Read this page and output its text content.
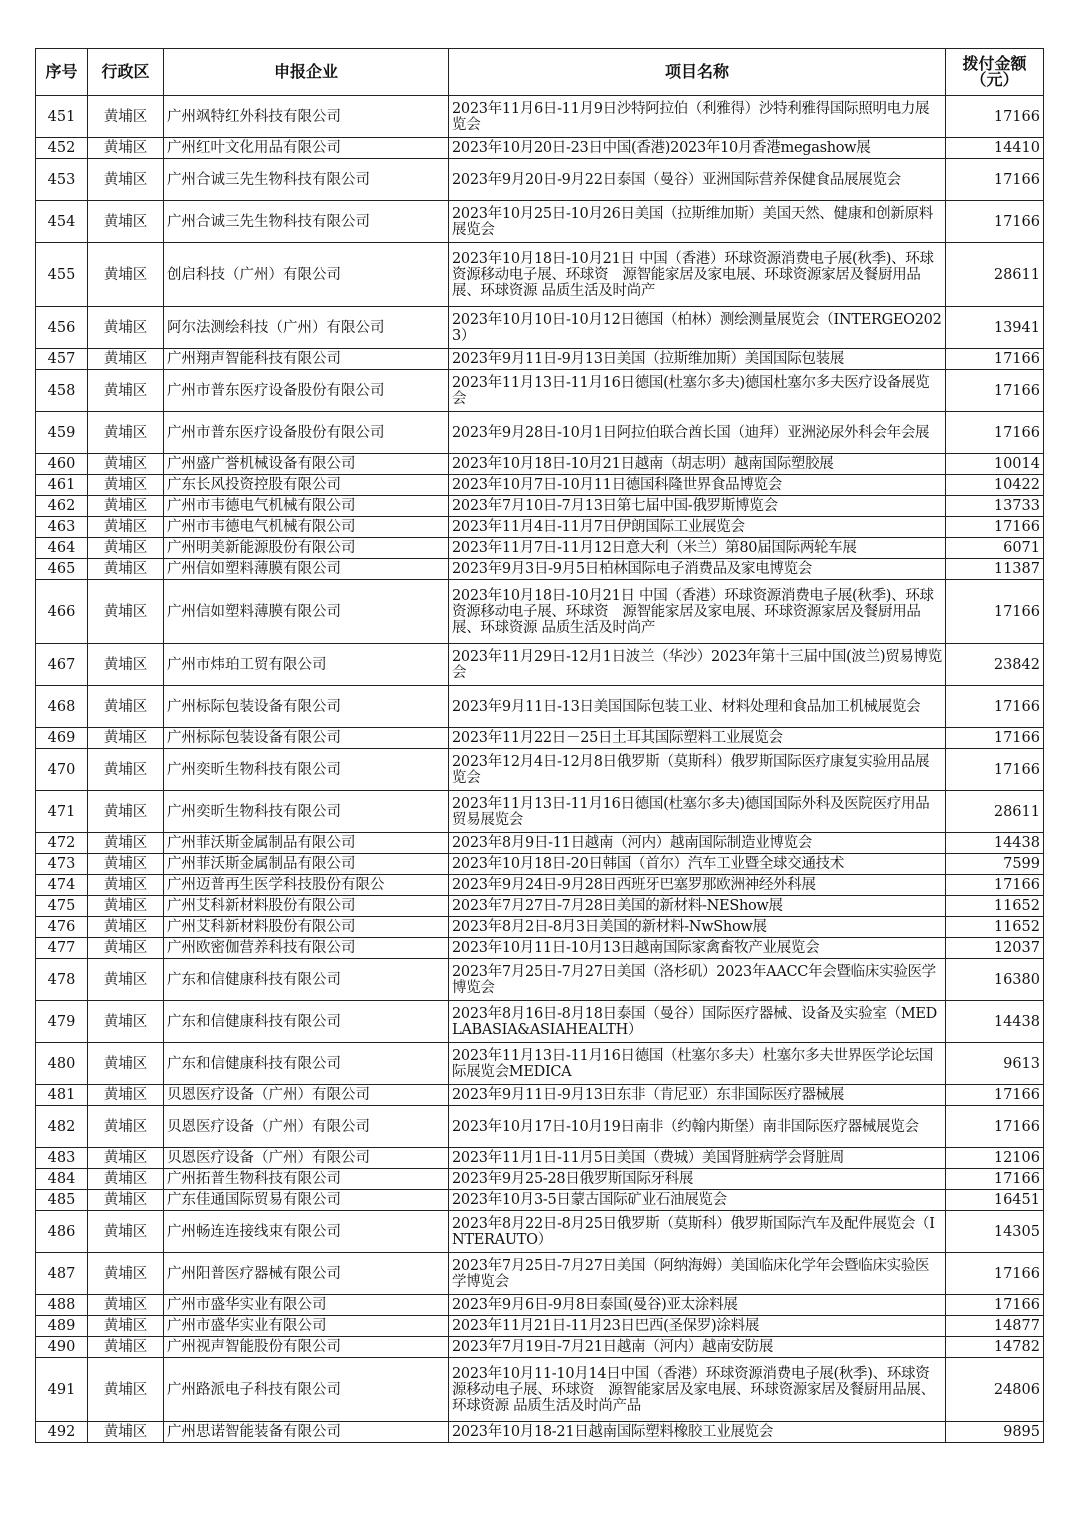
序号	行政区	申报企业	项目名称	拨付金额（元）
451	黄埔区	广州飒特红外科技有限公司	2023年11月6日-11月9日沙特阿拉伯（利雅得）沙特利雅得国际照明电力展览会	17166
452	黄埔区	广州红叶文化用品有限公司	2023年10月20日-23日中国(香港)2023年10月香港megashow展	14410
453	黄埔区	广州合诚三先生物科技有限公司	2023年9月20日-9月22日泰国（曼谷）亚洲国际营养保健食品展展览会	17166
454	黄埔区	广州合诚三先生物科技有限公司	2023年10月25日-10月26日美国（拉斯维加斯）美国天然、健康和创新原料展览会	17166
455	黄埔区	创启科技（广州）有限公司	2023年10月18日-10月21日 中国（香港）环球资源消费电子展(秋季)、环球资源移动电子展、环球资　源智能家居及家电展、环球资源家居及餐厨用品展、环球资源 品质生活及时尚产	28611
456	黄埔区	阿尔法测绘科技（广州）有限公司	2023年10月10日-10月12日德国（柏林）测绘测量展览会（INTERGEO2023）	13941
457	黄埔区	广州翔声智能科技有限公司	2023年9月11日-9月13日美国（拉斯维加斯）美国国际包装展	17166
458	黄埔区	广州市普东医疗设备股份有限公司	2023年11月13日-11月16日德国(杜塞尔多夫)德国杜塞尔多夫医疗设备展览会	17166
459	黄埔区	广州市普东医疗设备股份有限公司	2023年9月28日-10月1日阿拉伯联合酋长国（迪拜）亚洲泌尿外科会年会展	17166
460	黄埔区	广州盛广誉机械设备有限公司	2023年10月18日-10月21日越南（胡志明）越南国际塑胶展	10014
461	黄埔区	广东长风投资控股有限公司	2023年10月7日-10月11日德国科隆世界食品博览会	10422
462	黄埔区	广州市韦德电气机械有限公司	2023年7月10日-7月13日第七届中国-俄罗斯博览会	13733
463	黄埔区	广州市韦德电气机械有限公司	2023年11月4日-11月7日伊朗国际工业展览会	17166
464	黄埔区	广州明美新能源股份有限公司	2023年11月7日-11月12日意大利（米兰）第80届国际两轮车展	6071
465	黄埔区	广州信如塑料薄膜有限公司	2023年9月3日-9月5日柏林国际电子消费品及家电博览会	11387
466	黄埔区	广州信如塑料薄膜有限公司	2023年10月18日-10月21日 中国（香港）环球资源消费电子展(秋季)、环球资源移动电子展、环球资　源智能家居及家电展、环球资源家居及餐厨用品展、环球资源 品质生活及时尚产	17166
467	黄埔区	广州市炜珀工贸有限公司	2023年11月29日-12月1日波兰（华沙）2023年第十三届中国(波兰)贸易博览会	23842
468	黄埔区	广州标际包装设备有限公司	2023年9月11日-13日美国国际包装工业、材料处理和食品加工机械展览会	17166
469	黄埔区	广州标际包装设备有限公司	2023年11月22日－25日土耳其国际塑料工业展览会	17166
470	黄埔区	广州奕昕生物科技有限公司	2023年12月4日-12月8日俄罗斯（莫斯科）俄罗斯国际医疗康复实验用品展览会	17166
471	黄埔区	广州奕昕生物科技有限公司	2023年11月13日-11月16日德国(杜塞尔多夫)德国国际外科及医院医疗用品贸易展览会	28611
472	黄埔区	广州菲沃斯金属制品有限公司	2023年8月9日-11日越南（河内）越南国际制造业博览会	14438
473	黄埔区	广州菲沃斯金属制品有限公司	2023年10月18日-20日韩国（首尔）汽车工业暨全球交通技术	7599
474	黄埔区	广州迈普再生医学科技股份有限公	2023年9月24日-9月28日西班牙巴塞罗那欧洲神经外科展	17166
475	黄埔区	广州艾科新材料股份有限公司	2023年7月27日-7月28日美国的新材料-NEShow展	11652
476	黄埔区	广州艾科新材料股份有限公司	2023年8月2日-8月3日美国的新材料-NwShow展	11652
477	黄埔区	广州欧密伽营养科技有限公司	2023年10月11日-10月13日越南国际家禽畜牧产业展览会	12037
478	黄埔区	广东和信健康科技有限公司	2023年7月25日-7月27日美国（洛杉矶）2023年AACC年会暨临床实验医学博览会	16380
479	黄埔区	广东和信健康科技有限公司	2023年8月16日-8月18日泰国（曼谷）国际医疗器械、设备及实验室（MEDLABASIA&ASIAHEALTH）	14438
480	黄埔区	广东和信健康科技有限公司	2023年11月13日-11月16日德国（杜塞尔多夫）杜塞尔多夫世界医学论坛国际展览会MEDICA	9613
481	黄埔区	贝恩医疗设备（广州）有限公司	2023年9月11日-9月13日东非（肯尼亚）东非国际医疗器械展	17166
482	黄埔区	贝恩医疗设备（广州）有限公司	2023年10月17日-10月19日南非（约翰内斯堡）南非国际医疗器械展览会	17166
483	黄埔区	贝恩医疗设备（广州）有限公司	2023年11月1日-11月5日美国（费城）美国肾脏病学会肾脏周	12106
484	黄埔区	广州拓普生物科技有限公司	2023年9月25-28日俄罗斯国际牙科展	17166
485	黄埔区	广东佳通国际贸易有限公司	2023年10月3-5日蒙古国际矿业石油展览会	16451
486	黄埔区	广州畅连连接线束有限公司	2023年8月22日-8月25日俄罗斯（莫斯科）俄罗斯国际汽车及配件展览会（INTERAUTO）	14305
487	黄埔区	广州阳普医疗器械有限公司	2023年7月25日-7月27日美国（阿纳海姆）美国临床化学年会暨临床实验医学博览会	17166
488	黄埔区	广州市盛华实业有限公司	2023年9月6日-9月8日泰国(曼谷)亚太涂料展	17166
489	黄埔区	广州市盛华实业有限公司	2023年11月21日-11月23日巴西(圣保罗)涂料展	14877
490	黄埔区	广州视声智能股份有限公司	2023年7月19日-7月21日越南（河内）越南安防展	14782
491	黄埔区	广州路派电子科技有限公司	2023年10月11-10月14日中国（香港）环球资源消费电子展(秋季)、环球资源移动电子展、环球资　源智能家居及家电展、环球资源家居及餐厨用品展、环球资源 品质生活及时尚产品	24806
492	黄埔区	广州思诺智能装备有限公司	2023年10月18-21日越南国际塑料橡胶工业展览会	9895
